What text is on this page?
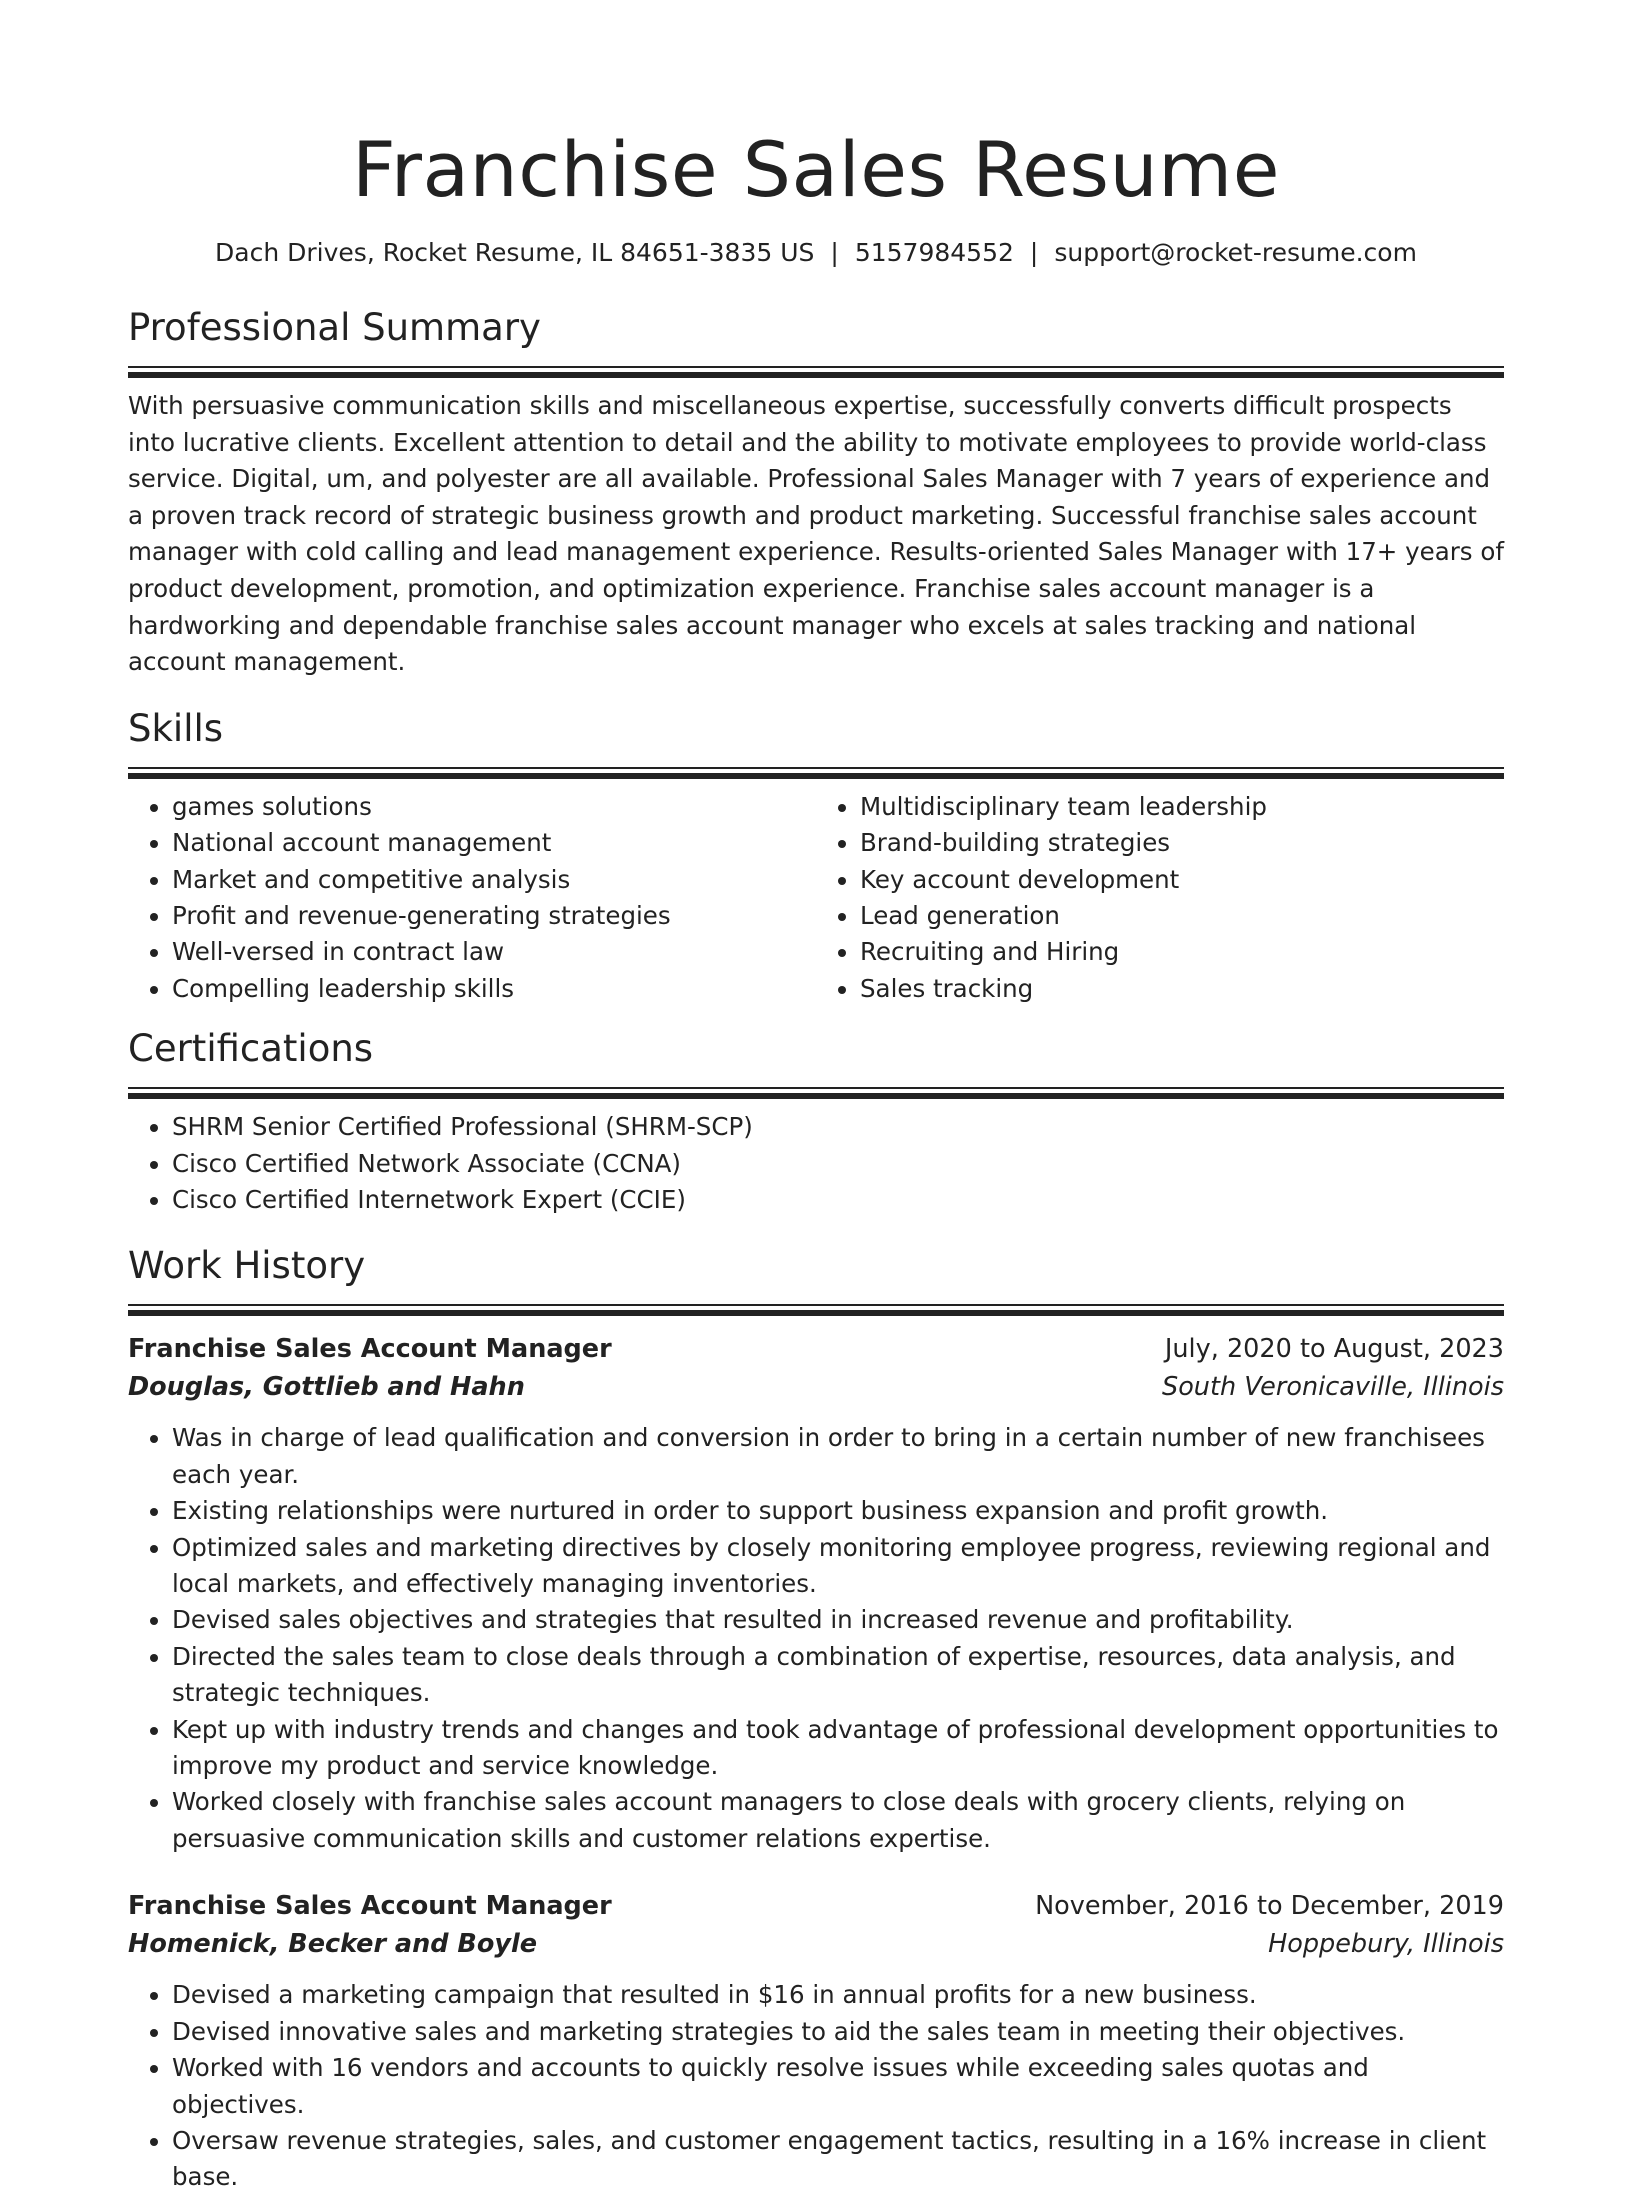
Franchise Sales Resume
Dach Drives, Rocket Resume, IL 84651-3835 US | 5157984552 | support@rocket-resume.com
Professional Summary

With persuasive communication skills and miscellaneous expertise, successfully converts difficult prospects into lucrative clients. Excellent attention to detail and the ability to motivate employees to provide world-class service. Digital, um, and polyester are all available. Professional Sales Manager with 7 years of experience and a proven track record of strategic business growth and product marketing. Successful franchise sales account manager with cold calling and lead management experience. Results-oriented Sales Manager with 17+ years of product development, promotion, and optimization experience. Franchise sales account manager is a hardworking and dependable franchise sales account manager who excels at sales tracking and national account management.

Skills
• games solutions
• National account management
• Market and competitive analysis
• Profit and revenue-generating strategies
• Well-versed in contract law
• Compelling leadership skills
• Multidisciplinary team leadership
• Brand-building strategies
• Key account development
• Lead generation
• Recruiting and Hiring
• Sales tracking
Certifications
• SHRM Senior Certified Professional (SHRM-SCP)
• Cisco Certified Network Associate (CCNA)
• Cisco Certified Internetwork Expert (CCIE)
Work History
Franchise Sales Account Manager	July, 2020 to August, 2023
Douglas, Gottlieb and Hahn	South Veronicaville, Illinois
• Was in charge of lead qualification and conversion in order to bring in a certain number of new franchisees each year.
• Existing relationships were nurtured in order to support business expansion and profit growth.
• Optimized sales and marketing directives by closely monitoring employee progress, reviewing regional and local markets, and effectively managing inventories.
• Devised sales objectives and strategies that resulted in increased revenue and profitability.
• Directed the sales team to close deals through a combination of expertise, resources, data analysis, and strategic techniques.
• Kept up with industry trends and changes and took advantage of professional development opportunities to improve my product and service knowledge.
• Worked closely with franchise sales account managers to close deals with grocery clients, relying on persuasive communication skills and customer relations expertise.
Franchise Sales Account Manager	November, 2016 to December, 2019
Homenick, Becker and Boyle	Hoppebury, Illinois
• Devised a marketing campaign that resulted in $16 in annual profits for a new business.
• Devised innovative sales and marketing strategies to aid the sales team in meeting their objectives.
• Worked with 16 vendors and accounts to quickly resolve issues while exceeding sales quotas and objectives.
• Oversaw revenue strategies, sales, and customer engagement tactics, resulting in a 16% increase in client base.
